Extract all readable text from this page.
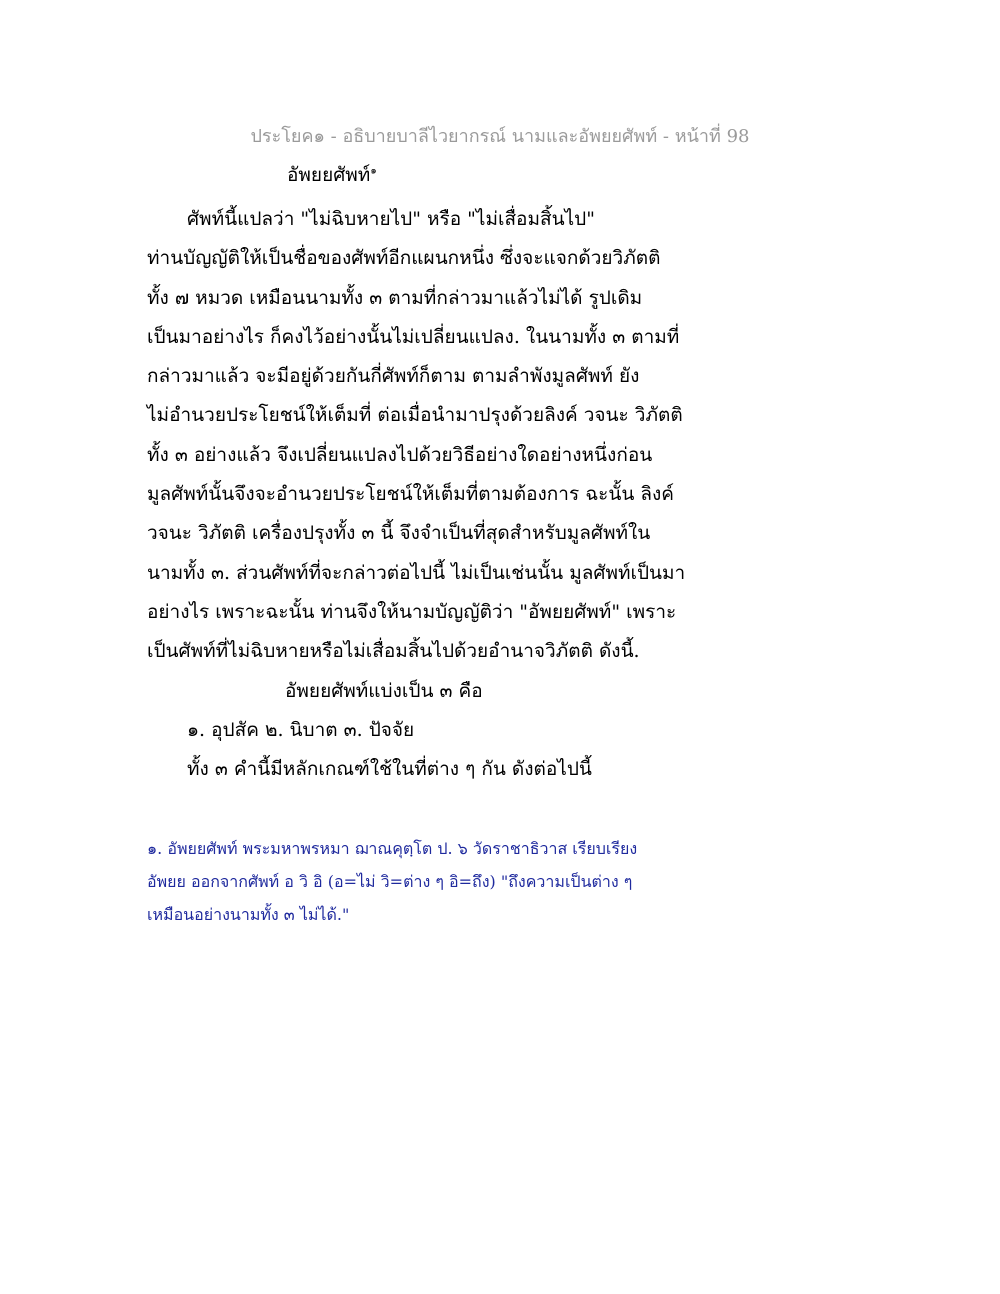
ประโยค๑ - อธิบายบาลีไวยากรณ์ นามและอัพยยศัพท์ - หน้าที่ 98
อัพยยศัพท์$^๑$
ศัพท์นี้แปลว่า "ไม่ฉิบหายไป" หรือ "ไม่เสื่อมสิ้นไป"
ท่านบัญญัติให้เป็นชื่อของศัพท์อีกแผนกหนึ่ง ซึ่งจะแจกด้วยวิภัตติ
ทั้ง ๗ หมวด เหมือนนามทั้ง ๓ ตามที่กล่าวมาแล้วไม่ได้ รูปเดิม
เป็นมาอย่างไร ก็คงไว้อย่างนั้นไม่เปลี่ยนแปลง. ในนามทั้ง ๓ ตามที่
กล่าวมาแล้ว จะมีอยู่ด้วยกันกี่ศัพท์ก็ตาม ตามลำพังมูลศัพท์ ยัง
ไม่อำนวยประโยชน์ให้เต็มที่ ต่อเมื่อนำมาปรุงด้วยลิงค์ วจนะ วิภัตติ
ทั้ง ๓ อย่างแล้ว จึงเปลี่ยนแปลงไปด้วยวิธีอย่างใดอย่างหนึ่งก่อน
มูลศัพท์นั้นจึงจะอำนวยประโยชน์ให้เต็มที่ตามต้องการ ฉะนั้น ลิงค์
วจนะ วิภัตติ เครื่องปรุงทั้ง ๓ นี้ จึงจำเป็นที่สุดสำหรับมูลศัพท์ใน
นามทั้ง ๓. ส่วนศัพท์ที่จะกล่าวต่อไปนี้ ไม่เป็นเช่นนั้น มูลศัพท์เป็นมา
อย่างไร เพราะฉะนั้น ท่านจึงให้นามบัญญัติว่า "อัพยยศัพท์" เพราะ
เป็นศัพท์ที่ไม่ฉิบหายหรือไม่เสื่อมสิ้นไปด้วยอำนาจวิภัตติ ดังนี้.
อัพยยศัพท์แบ่งเป็น ๓ คือ
๑. อุปสัค ๒. นิบาต ๓. ปัจจัย
ทั้ง ๓ คำนี้มีหลักเกณฑ์ใช้ในที่ต่าง ๆ กัน ดังต่อไปนี้
๑. อัพยยศัพท์ พระมหาพรหมา ฌาณคุตฺโต ป. ๖ วัดราชาธิวาส เรียบเรียง
อัพยย ออกจากศัพท์ อ วิ อิ (อ=ไม่ วิ=ต่าง ๆ อิ=ถึง) "ถึงความเป็นต่าง ๆ
เหมือนอย่างนามทั้ง ๓ ไม่ได้."
